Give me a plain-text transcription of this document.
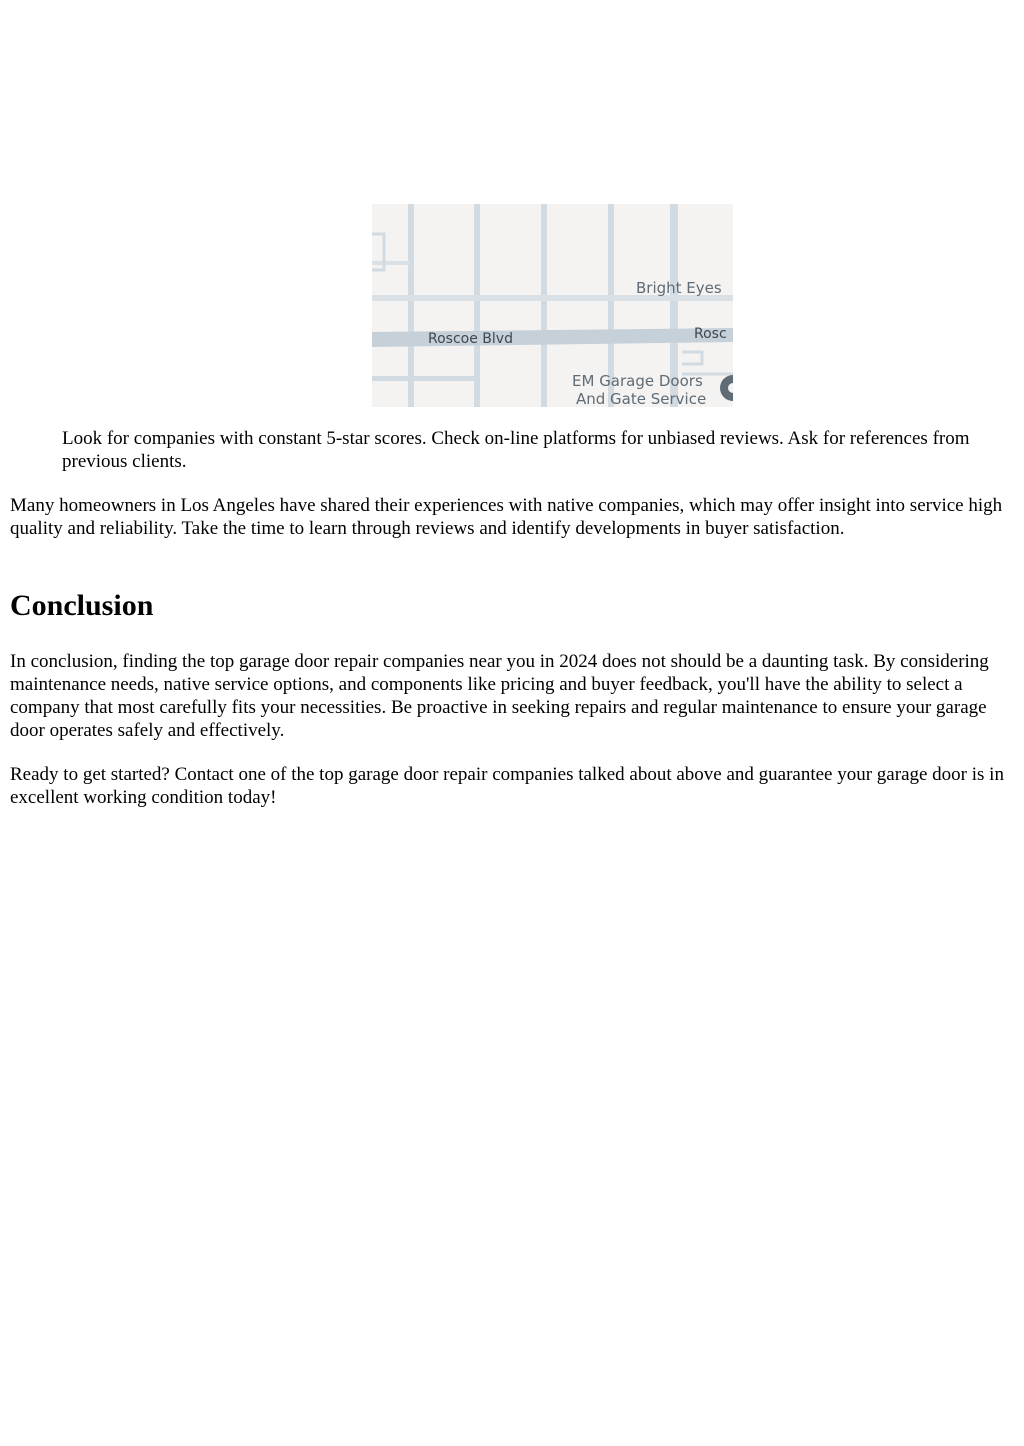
Roscoe Blvd	Rosc
Bright Eyes
EM Garage Doors
And Gate Service

Look for companies with constant 5-star scores. Check on-line platforms for unbiased reviews. Ask for references from previous clients.

Many homeowners in Los Angeles have shared their experiences with native companies, which may offer insight into service high quality and reliability. Take the time to learn through reviews and identify developments in buyer satisfaction.

Conclusion

In conclusion, finding the top garage door repair companies near you in 2024 does not should be a daunting task. By considering maintenance needs, native service options, and components like pricing and buyer feedback, you'll have the ability to select a company that most carefully fits your necessities. Be proactive in seeking repairs and regular maintenance to ensure your garage door operates safely and effectively.

Ready to get started? Contact one of the top garage door repair companies talked about above and guarantee your garage door is in excellent working condition today!
